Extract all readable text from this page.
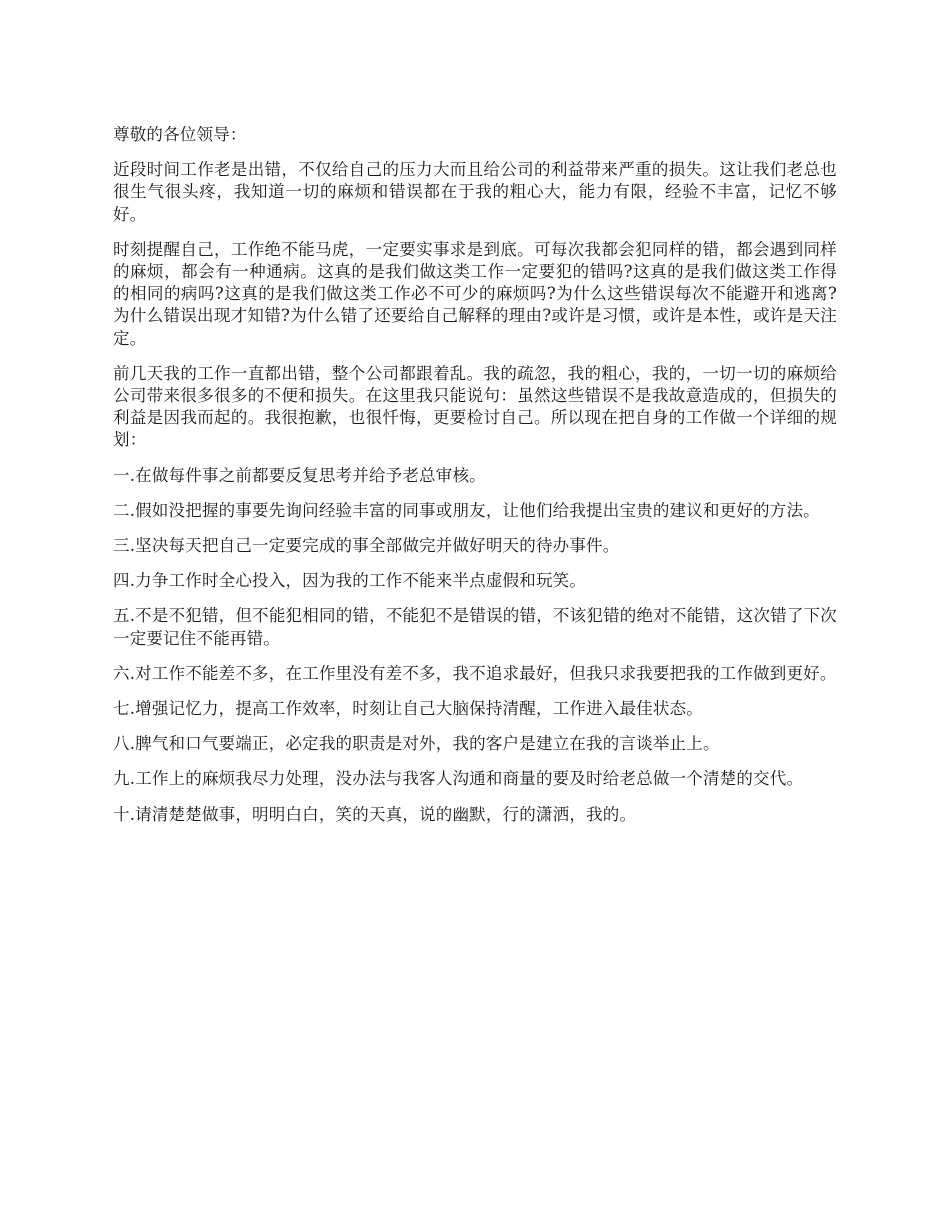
尊敬的各位领导：

近段时间工作老是出错，不仅给自己的压力大而且给公司的利益带来严重的损失。这让我们老总也很生气很头疼，我知道一切的麻烦和错误都在于我的粗心大，能力有限，经验不丰富，记忆不够好。

时刻提醒自己，工作绝不能马虎，一定要实事求是到底。可每次我都会犯同样的错，都会遇到同样的麻烦，都会有一种通病。这真的是我们做这类工作一定要犯的错吗?这真的是我们做这类工作得的相同的病吗?这真的是我们做这类工作必不可少的麻烦吗?为什么这些错误每次不能避开和逃离?为什么错误出现才知错?为什么错了还要给自己解释的理由?或许是习惯，或许是本性，或许是天注定。

前几天我的工作一直都出错，整个公司都跟着乱。我的疏忽，我的粗心，我的，一切一切的麻烦给公司带来很多很多的不便和损失。在这里我只能说句：虽然这些错误不是我故意造成的，但损失的利益是因我而起的。我很抱歉，也很忏悔，更要检讨自己。所以现在把自身的工作做一个详细的规划：

一.在做每件事之前都要反复思考并给予老总审核。

二.假如没把握的事要先询问经验丰富的同事或朋友，让他们给我提出宝贵的建议和更好的方法。

三.坚决每天把自己一定要完成的事全部做完并做好明天的待办事件。

四.力争工作时全心投入，因为我的工作不能来半点虚假和玩笑。

五.不是不犯错，但不能犯相同的错，不能犯不是错误的错，不该犯错的绝对不能错，这次错了下次一定要记住不能再错。

六.对工作不能差不多，在工作里没有差不多，我不追求最好，但我只求我要把我的工作做到更好。

七.增强记忆力，提高工作效率，时刻让自己大脑保持清醒，工作进入最佳状态。

八.脾气和口气要端正，必定我的职责是对外，我的客户是建立在我的言谈举止上。

九.工作上的麻烦我尽力处理，没办法与我客人沟通和商量的要及时给老总做一个清楚的交代。

十.请清楚楚做事，明明白白，笑的天真，说的幽默，行的潇洒，我的。
